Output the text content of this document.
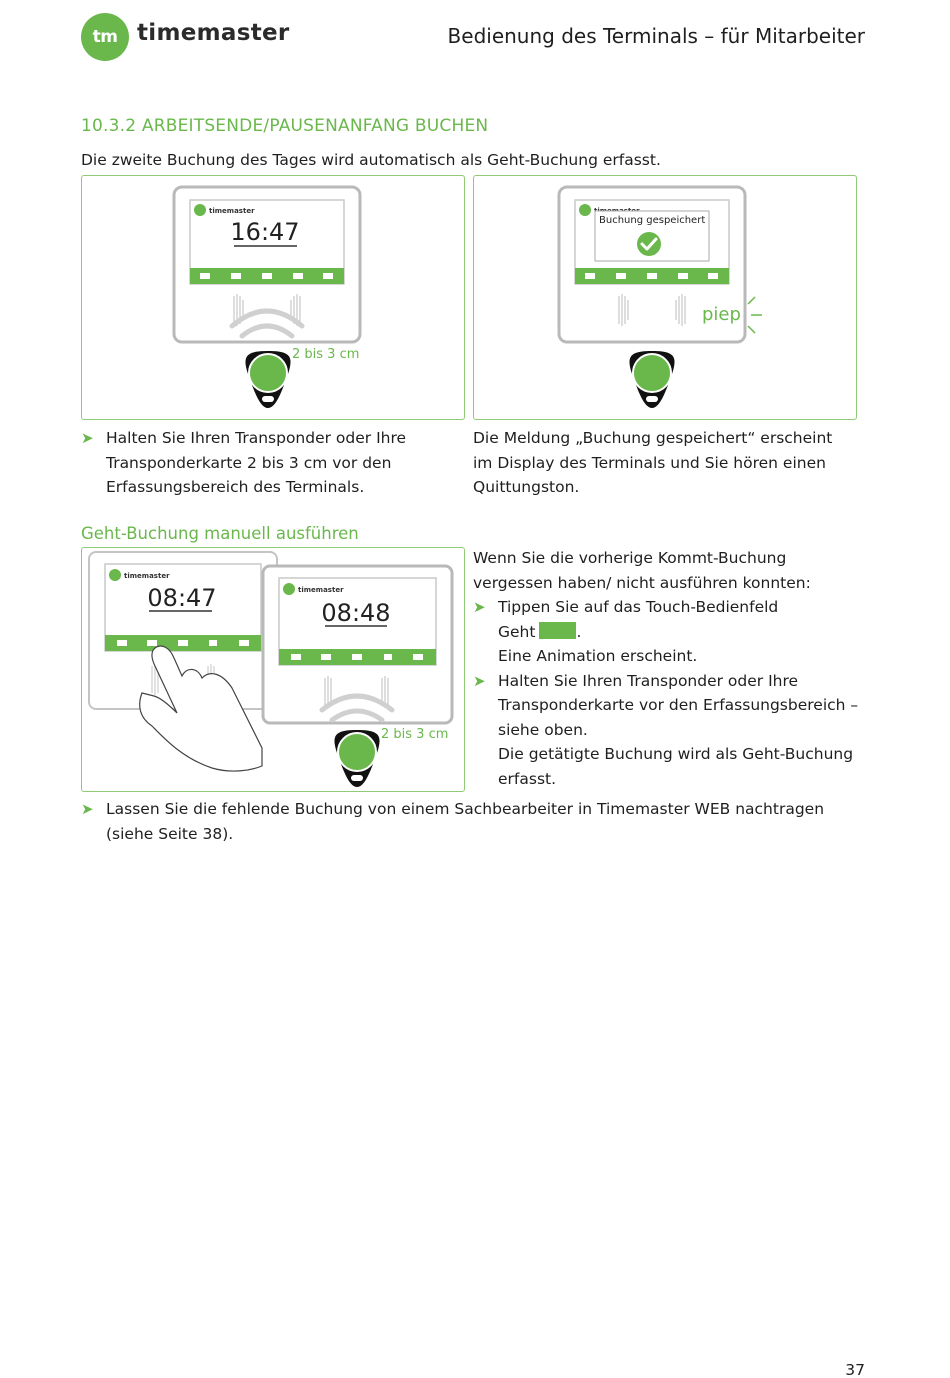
tm timemaster	Bedienung des Terminals – für Mitarbeiter
10.3.2 ARBEITSENDE/PAUSENANFANG BUCHEN
Die zweite Buchung des Tages wird automatisch als Geht-Buchung erfasst.
timemaster
16:47
2 bis 3 cm
Buchung gespeichert
piep
➤ Halten Sie Ihren Transponder oder Ihre
Transponderkarte 2 bis 3 cm vor den
Erfassungsbereich des Terminals.
Die Meldung „Buchung gespeichert“ erscheint
im Display des Terminals und Sie hören einen
Quittungston.
Geht-Buchung manuell ausführen
timemaster
08:47	timemaster
08:48
2 bis 3 cm
Wenn Sie die vorherige Kommt-Buchung
vergessen haben/ nicht ausführen konnten:
➤ Tippen Sie auf das Touch-Bedienfeld
Geht	.
Eine Animation erscheint.
➤ Halten Sie Ihren Transponder oder Ihre
Transponderkarte vor den Erfassungsbereich –
siehe oben.
Die getätigte Buchung wird als Geht-Buchung
erfasst.
➤ Lassen Sie die fehlende Buchung von einem Sachbearbeiter in Timemaster WEB nachtragen
(siehe Seite 38).
37
